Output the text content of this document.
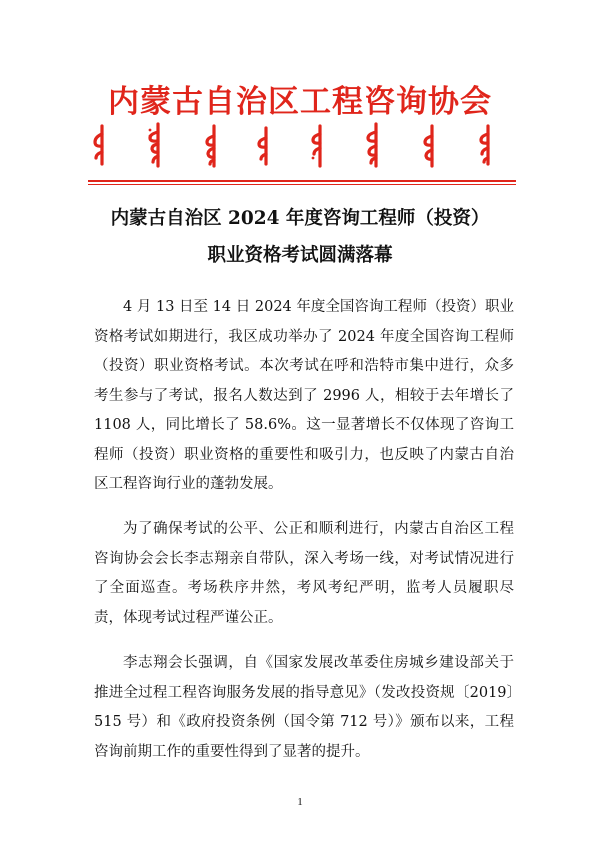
内蒙古自治区工程咨询协会
内蒙古自治区 2024 年度咨询工程师（投资）
职业资格考试圆满落幕

4 月 13 日至 14 日 2024 年度全国咨询工程师（投资）职业资格考试如期进行，我区成功举办了 2024 年度全国咨询工程师（投资）职业资格考试。本次考试在呼和浩特市集中进行，众多考生参与了考试，报名人数达到了 2996 人，相较于去年增长了 1108 人，同比增长了 58.6%。这一显著增长不仅体现了咨询工程师（投资）职业资格的重要性和吸引力，也反映了内蒙古自治区工程咨询行业的蓬勃发展。

为了确保考试的公平、公正和顺利进行，内蒙古自治区工程咨询协会会长李志翔亲自带队，深入考场一线，对考试情况进行了全面巡查。考场秩序井然，考风考纪严明，监考人员履职尽责，体现考试过程严谨公正。

李志翔会长强调，自《国家发展改革委住房城乡建设部关于推进全过程工程咨询服务发展的指导意见》（发改投资规〔2019〕515 号）和《政府投资条例（国令第 712 号）》颁布以来，工程咨询前期工作的重要性得到了显著的提升。

1
